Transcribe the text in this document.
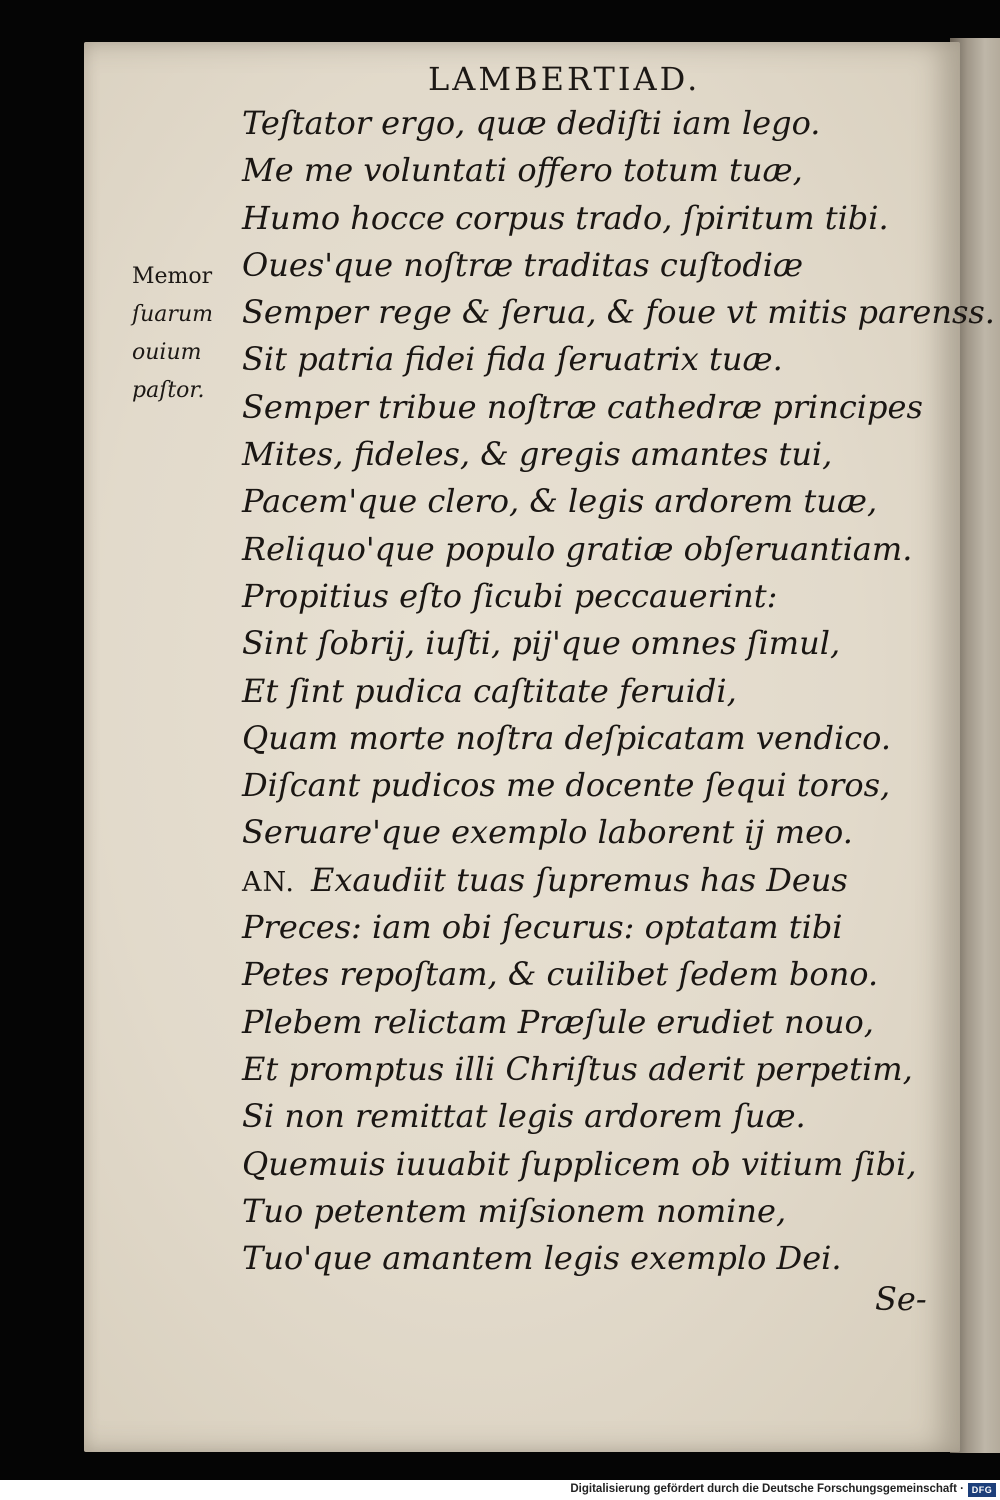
LAMBERTIAD.
Memor
ſuarum
ouium
paſtor.
Teſtator ergo, quæ dediſti iam lego.
Me me voluntati offero totum tuæ,
Humo hocce corpus trado, ſpiritum tibi.
Oues'que noſtræ traditas cuſtodiæ
Semper rege & ſerua, & foue vt mitis parenss.
Sit patria fidei fida ſeruatrix tuæ.
Semper tribue noſtræ cathedræ principes
Mites, fideles, & gregis amantes tui,
Pacem'que clero, & legis ardorem tuæ,
Reliquo'que populo gratiæ obſeruantiam.
Propitius eſto ſicubi peccauerint:
Sint ſobrij, iuſti, pij'que omnes ſimul,
Et ſint pudica caſtitate feruidi,
Quam morte noſtra deſpicatam vendico.
Diſcant pudicos me docente ſequi toros,
Seruare'que exemplo laborent ij meo.
AN. Exaudiit tuas ſupremus has Deus
Preces: iam obi ſecurus: optatam tibi
Petes repoſtam, & cuilibet ſedem bono.
Plebem relictam Præſule erudiet nouo,
Et promptus illi Chriſtus aderit perpetim,
Si non remittat legis ardorem ſuæ.
Quemuis iuuabit ſupplicem ob vitium ſibi,
Tuo petentem miſsionem nomine,
Tuo'que amantem legis exemplo Dei.
Se-
Digitalisierung gefördert durch die Deutsche Forschungsgemeinschaft · DFG
